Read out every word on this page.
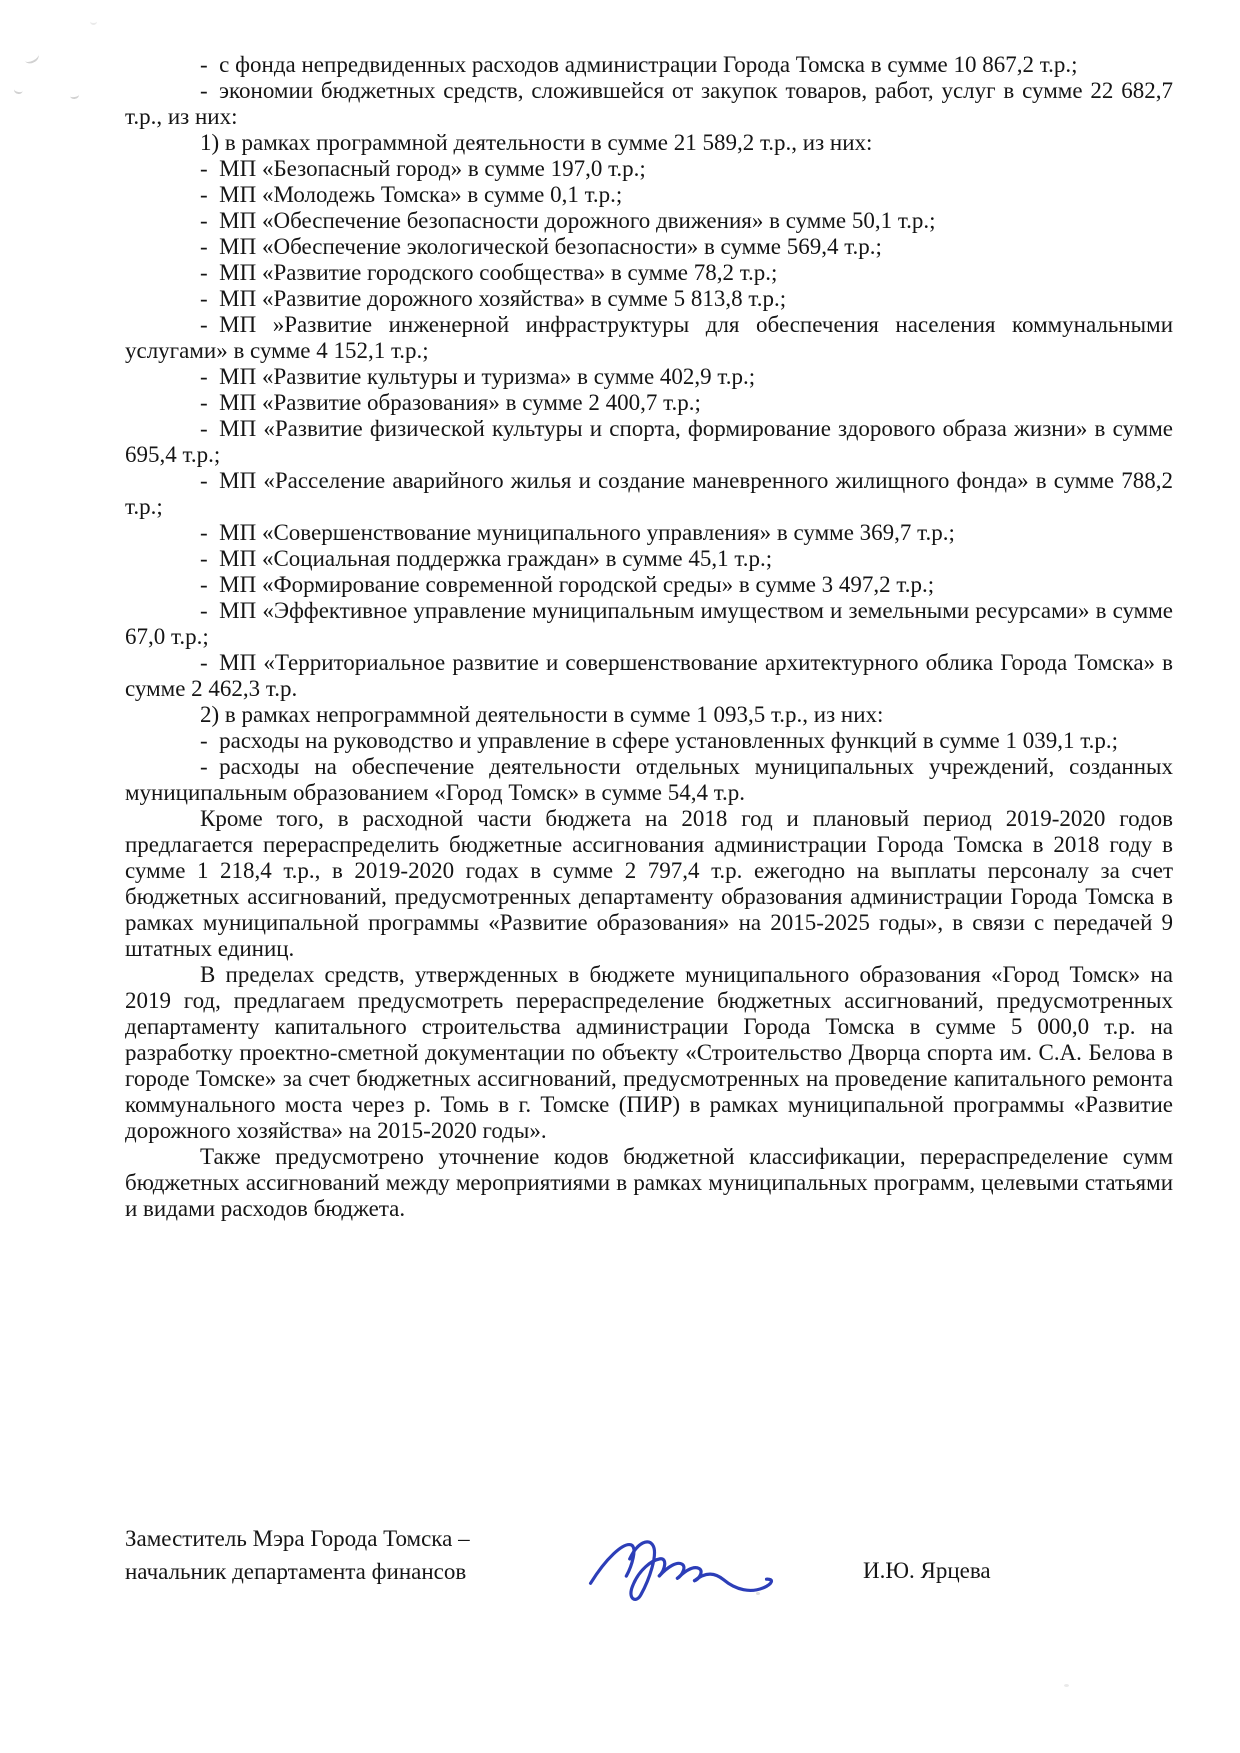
- с фонда непредвиденных расходов администрации Города Томска в сумме 10 867,2 т.р.;

- экономии бюджетных средств, сложившейся от закупок товаров, работ, услуг в сумме 22 682,7 т.р., из них:

1) в рамках программной деятельности в сумме 21 589,2 т.р., из них:

- МП «Безопасный город» в сумме 197,0 т.р.;

- МП «Молодежь Томска» в сумме 0,1 т.р.;

- МП «Обеспечение безопасности дорожного движения» в сумме 50,1 т.р.;

- МП «Обеспечение экологической безопасности» в сумме 569,4 т.р.;

- МП «Развитие городского сообщества» в сумме 78,2 т.р.;

- МП «Развитие дорожного хозяйства» в сумме 5 813,8 т.р.;

- МП »Развитие инженерной инфраструктуры для обеспечения населения коммунальными услугами» в сумме 4 152,1 т.р.;

- МП «Развитие культуры и туризма» в сумме 402,9 т.р.;

- МП «Развитие образования» в сумме 2 400,7 т.р.;

- МП «Развитие физической культуры и спорта, формирование здорового образа жизни» в сумме 695,4 т.р.;

- МП «Расселение аварийного жилья и создание маневренного жилищного фонда» в сумме 788,2 т.р.;

- МП «Совершенствование муниципального управления» в сумме 369,7 т.р.;

- МП «Социальная поддержка граждан» в сумме 45,1 т.р.;

- МП «Формирование современной городской среды» в сумме 3 497,2 т.р.;

- МП «Эффективное управление муниципальным имуществом и земельными ресурсами» в сумме 67,0 т.р.;

- МП «Территориальное развитие и совершенствование архитектурного облика Города Томска» в сумме 2 462,3 т.р.

2) в рамках непрограммной деятельности в сумме 1 093,5 т.р., из них:

- расходы на руководство и управление в сфере установленных функций в сумме 1 039,1 т.р.;

- расходы на обеспечение деятельности отдельных муниципальных учреждений, созданных муниципальным образованием «Город Томск» в сумме 54,4 т.р.

Кроме того, в расходной части бюджета на 2018 год и плановый период 2019-2020 годов предлагается перераспределить бюджетные ассигнования администрации Города Томска в 2018 году в сумме 1 218,4 т.р., в 2019-2020 годах в сумме 2 797,4 т.р. ежегодно на выплаты персоналу за счет бюджетных ассигнований, предусмотренных департаменту образования администрации Города Томска в рамках муниципальной программы «Развитие образования» на 2015-2025 годы», в связи с передачей 9 штатных единиц.

В пределах средств, утвержденных в бюджете муниципального образования «Город Томск» на 2019 год, предлагаем предусмотреть перераспределение бюджетных ассигнований, предусмотренных департаменту капитального строительства администрации Города Томска в сумме 5 000,0 т.р. на разработку проектно-сметной документации по объекту «Строительство Дворца спорта им. С.А. Белова в городе Томске» за счет бюджетных ассигнований, предусмотренных на проведение капитального ремонта коммунального моста через р. Томь в г. Томске (ПИР) в рамках муниципальной программы «Развитие дорожного хозяйства» на 2015-2020 годы».

Также предусмотрено уточнение кодов бюджетной классификации, перераспределение сумм бюджетных ассигнований между мероприятиями в рамках муниципальных программ, целевыми статьями и видами расходов бюджета.

Заместитель Мэра Города Томска –
начальник департамента финансов	И.Ю. Ярцева
